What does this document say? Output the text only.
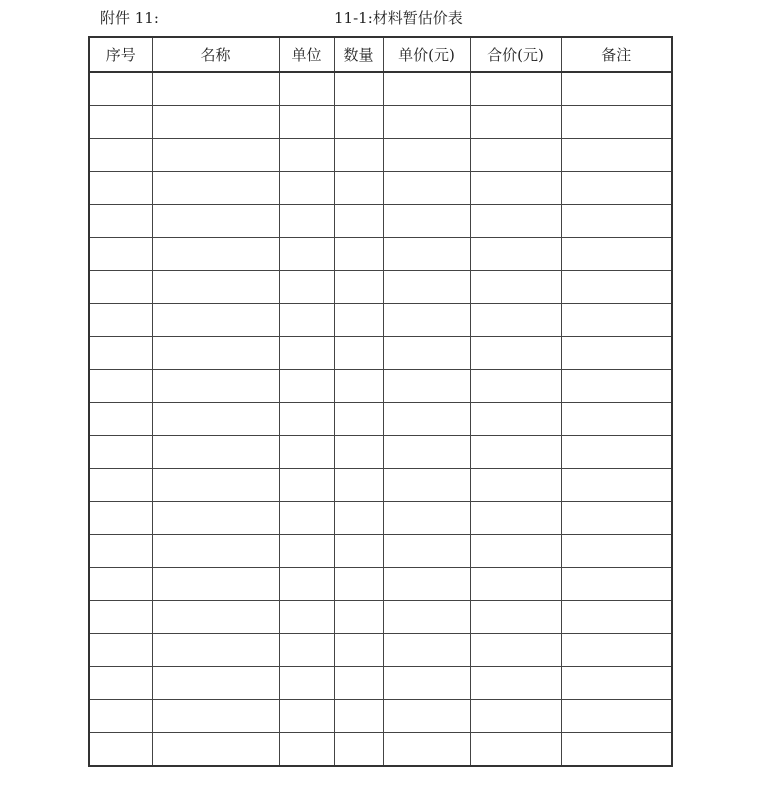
附件 11:	11-1:材料暂估价表
序号	名称	单位	数量	单价(元)	合价(元)	备注
